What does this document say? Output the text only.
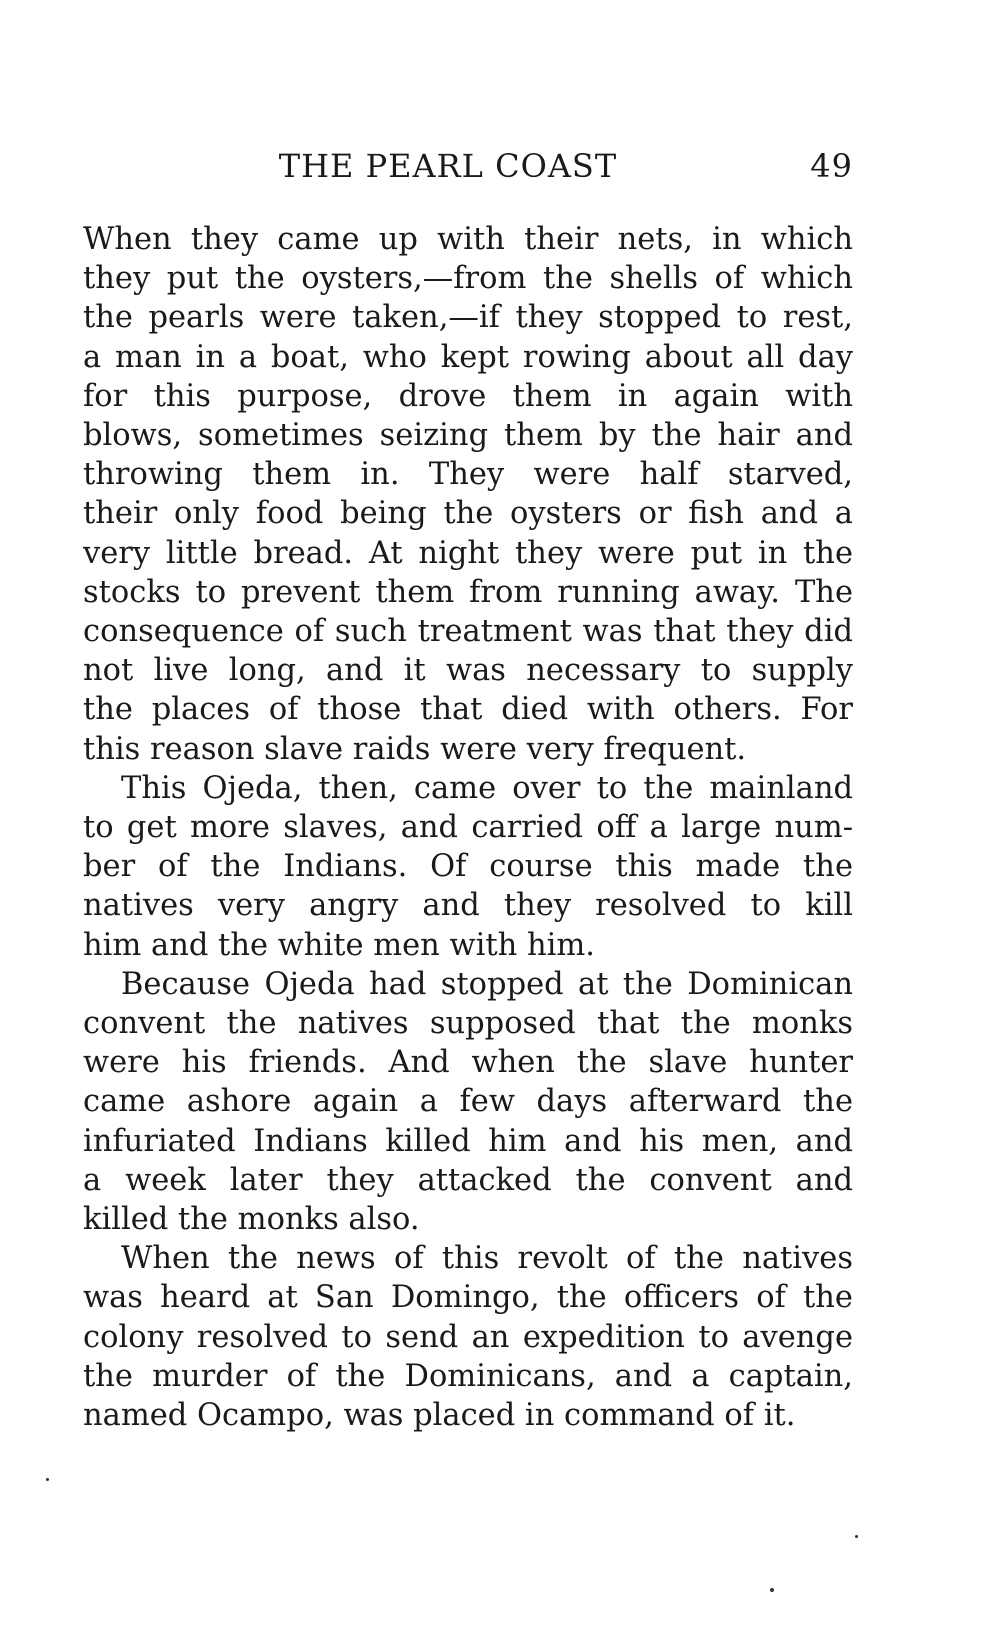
THE PEARL COAST	49

When they came up with their nets, in which
they put the oysters,—from the shells of which
the pearls were taken,—if they stopped to rest,
a man in a boat, who kept rowing about all day
for this purpose, drove them in again with
blows, sometimes seizing them by the hair and
throwing them in. They were half starved,
their only food being the oysters or fish and a
very little bread. At night they were put in the
stocks to prevent them from running away. The
consequence of such treatment was that they did
not live long, and it was necessary to supply
the places of those that died with others. For
this reason slave raids were very frequent.

This Ojeda, then, came over to the mainland
to get more slaves, and carried off a large num-
ber of the Indians. Of course this made the
natives very angry and they resolved to kill
him and the white men with him.

Because Ojeda had stopped at the Dominican
convent the natives supposed that the monks
were his friends. And when the slave hunter
came ashore again a few days afterward the
infuriated Indians killed him and his men, and
a week later they attacked the convent and
killed the monks also.

When the news of this revolt of the natives
was heard at San Domingo, the officers of the
colony resolved to send an expedition to avenge
the murder of the Dominicans, and a captain,
named Ocampo, was placed in command of it.
